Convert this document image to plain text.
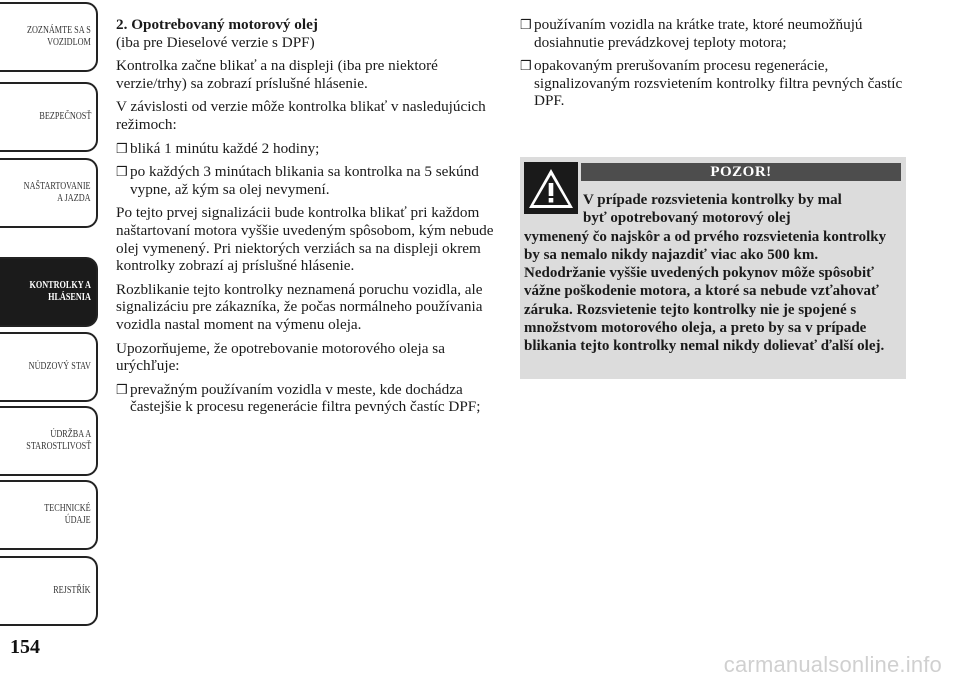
ZOZNÁMTE SA S
VOZIDLOM
BEZPEČNOSŤ
NAŠTARTOVANIE
A JAZDA
KONTROLKY A
HLÁSENIA
NÚDZOVÝ STAV
ÚDRŽBA A
STAROSTLIVOSŤ
TECHNICKÉ
ÚDAJE
REJSTŘÍK
154

2. Opotrebovaný motorový olej
(iba pre Dieselové verzie s DPF)

Kontrolka začne blikať a na displeji (iba pre niektoré verzie/trhy) sa zobrazí príslušné hlásenie.

V závislosti od verzie môže kontrolka blikať v nasledujúcich režimoch:

❒ bliká 1 minútu každé 2 hodiny;
❒ po každých 3 minútach blikania sa kontrolka na 5 sekúnd vypne, až kým sa olej nevymení.

Po tejto prvej signalizácii bude kontrolka blikať pri každom naštartovaní motora vyššie uvedeným spôsobom, kým nebude olej vymenený. Pri niektorých verziách sa na displeji okrem kontrolky zobrazí aj príslušné hlásenie.

Rozblikanie tejto kontrolky neznamená poruchu vozidla, ale signalizáciu pre zákazníka, že počas normálneho používania vozidla nastal moment na výmenu oleja.

Upozorňujeme, že opotrebovanie motorového oleja sa urýchľuje:

❒ prevažným používaním vozidla v meste, kde dochádza častejšie k procesu regenerácie filtra pevných častíc DPF;
❒ používaním vozidla na krátke trate, ktoré neumožňujú dosiahnutie prevádzkovej teploty motora;
❒ opakovaným prerušovaním procesu regenerácie, signalizovaným rozsvietením kontrolky filtra pevných častíc DPF.
POZOR!
V prípade rozsvietenia kontrolky by mal
byť opotrebovaný motorový olej
vymenený čo najskôr a od prvého rozsvietenia kontrolky by sa nemalo nikdy najazdiť viac ako 500 km. Nedodržanie vyššie uvedených pokynov môže spôsobiť vážne poškodenie motora, a ktoré sa nebude vzťahovať záruka. Rozsvietenie tejto kontrolky nie je spojené s množstvom motorového oleja, a preto by sa v prípade blikania tejto kontrolky nemal nikdy dolievať ďalší olej.
carmanualsonline.info
